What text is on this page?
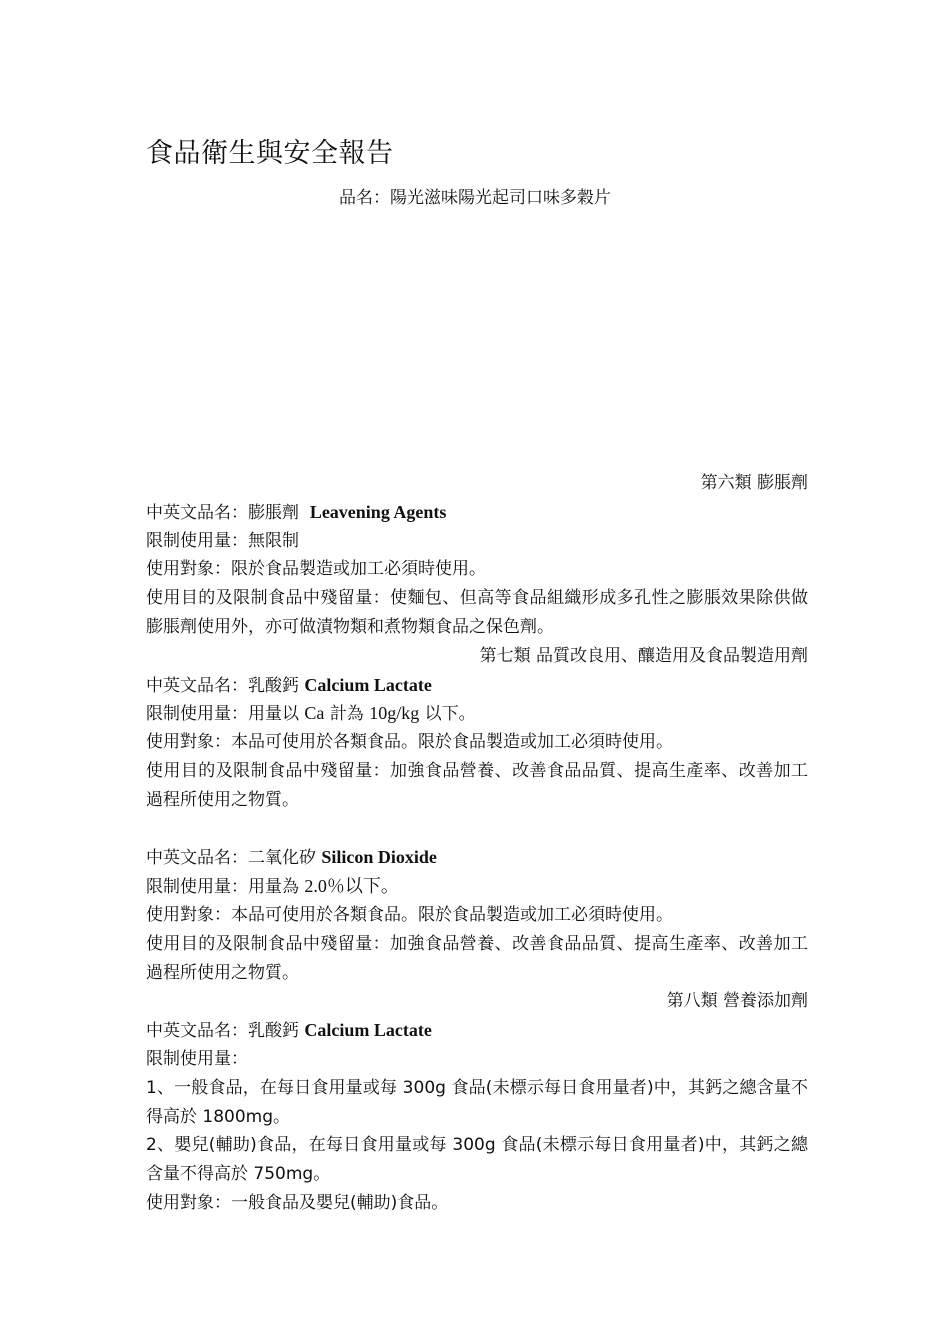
食品衛生與安全報告
品名：陽光滋味陽光起司口味多穀片
第六類 膨脹劑
中英文品名：膨脹劑 Leavening Agents
限制使用量：無限制
使用對象：限於食品製造或加工必須時使用。
使用目的及限制食品中殘留量：使麵包、但高等食品組織形成多孔性之膨脹效果除供做膨脹劑使用外，亦可做漬物類和煮物類食品之保色劑。
第七類 品質改良用、釀造用及食品製造用劑
中英文品名：乳酸鈣 Calcium Lactate
限制使用量：用量以 Ca 計為 10g/kg 以下。
使用對象：本品可使用於各類食品。限於食品製造或加工必須時使用。
使用目的及限制食品中殘留量：加強食品營養、改善食品品質、提高生產率、改善加工過程所使用之物質。
中英文品名：二氧化矽 Silicon Dioxide
限制使用量：用量為 2.0％以下。
使用對象：本品可使用於各類食品。限於食品製造或加工必須時使用。
使用目的及限制食品中殘留量：加強食品營養、改善食品品質、提高生產率、改善加工過程所使用之物質。
第八類 營養添加劑
中英文品名：乳酸鈣 Calcium Lactate
限制使用量：
1、一般食品，在每日食用量或每 300g 食品(未標示每日食用量者)中，其鈣之總含量不得高於 1800mg。
2、嬰兒(輔助)食品，在每日食用量或每 300g 食品(未標示每日食用量者)中，其鈣之總含量不得高於 750mg。
使用對象：一般食品及嬰兒(輔助)食品。
